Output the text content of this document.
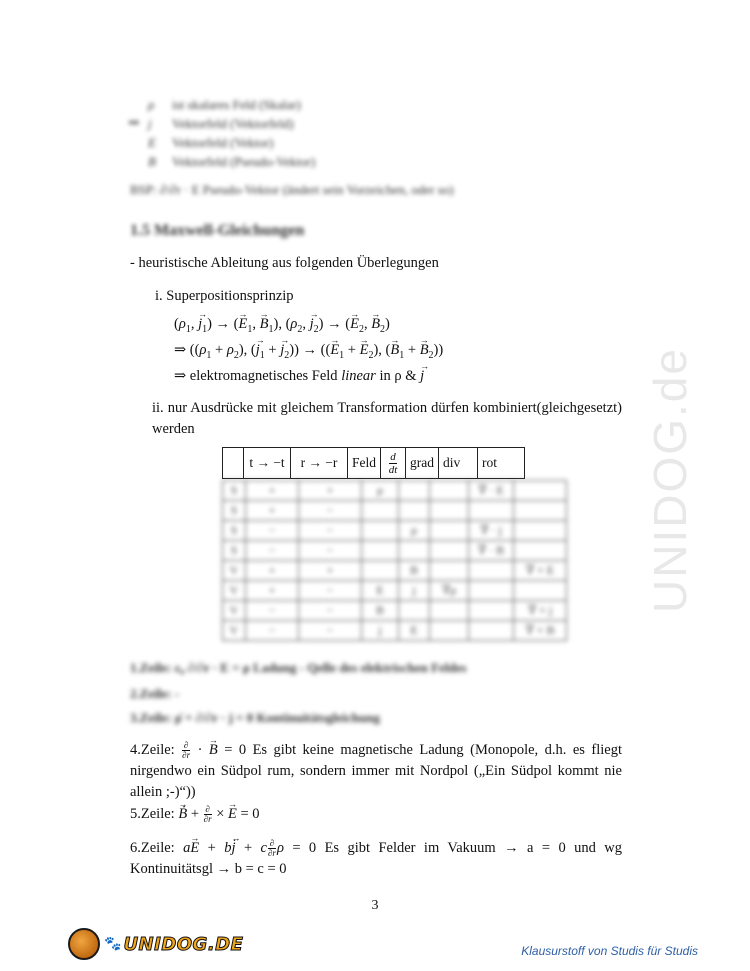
UNIDOG.de
ρ	ist skalares Feld (Skalar)
⇒ j	Vektorfeld (Vektorfeld)
E	Vektorfeld (Vektor)
B	Vektorfeld (Pseudo-Vektor)
BSP: ∂/∂r · E Pseudo-Vektor (ändert sein Vorzeichen, oder so)
1.5 Maxwell-Gleichungen
- heuristische Ableitung aus folgenden Überlegungen
i. Superpositionsprinzip
($\rho_1$, → $j_1$) → (→ $E_1$, → $B_1$), ($\rho_2$, → $j_2$) → (→ $E_2$, → $B_2$)
⇒ ($(\rho_1 + \rho_2)$, (→ $j_1$ + → $j_2$)) → ((→ $E_1$ + → $E_2$), (→ $B_1$ + → $B_2$))
⇒ elektromagnetisches Feld linear in ρ & → j
ii. nur Ausdrücke mit gleichem Transformation dürfen kombiniert(gleichgesetzt) werden
	t → −t	r → −r	Feld	$\frac{d}{dt}$	grad	div	rot
S	+	+	ρ			∇ · E	
S	+	−					
S	−	−		ρ		∇ · j	
S	−	−				∇ · B	
V	+	+		B			∇ × E
V	+	−	E	j	∇ρ		
V	−	−	B				∇ × j
V	−	−	j	E			∇ × B
1.Zeile: ε₀ ∂/∂r · E = ρ Ladung - Qelle des elektrischen Feldes
2.Zeile: -
3.Zeile: ρ̇ + ∂/∂r · j = 0 Kontinuitätsgleichung
4.Zeile: $\frac{\partial}{\partial r}$ · → B = 0 Es gibt keine magnetische Ladung (Monopole, d.h. es fliegt nirgendwo ein Südpol rum, sondern immer mit Nordpol („Ein Südpol kommt nie allein ;-)“))
5.Zeile: → Ḃ + $\frac{\partial}{\partial r}$ × → E = 0
6.Zeile: a→ E + b→ j̇ + c $\frac{\partial}{\partial r}$ ρ = 0 Es gibt Felder im Vakuum → a = 0 und wg Kontinuitätsgl → b = c = 0
3
🐾 UNIDOG.DE	Klausurstoff von Studis für Studis
